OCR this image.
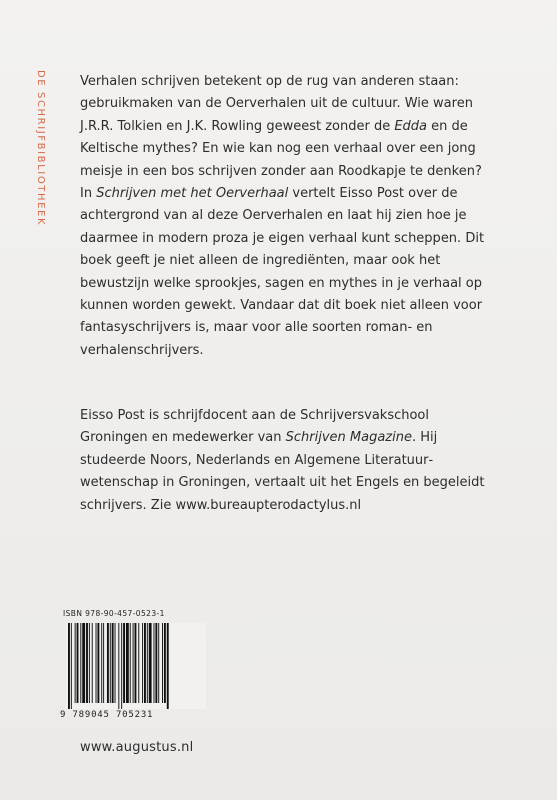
DE SCHRIJFBIBLIOTHEEK	Verhalen schrijven betekent op de rug van anderen staan: gebruikmaken van de Oerverhalen uit de cultuur. Wie waren J.R.R. Tolkien en J.K. Rowling geweest zonder de Edda en de Keltische mythes? En wie kan nog een verhaal over een jong meisje in een bos schrijven zonder aan Roodkapje te denken?

In Schrijven met het Oerverhaal vertelt Eisso Post over de achtergrond van al deze Oerverhalen en laat hij zien hoe je daarmee in modern proza je eigen verhaal kunt scheppen. Dit boek geeft je niet alleen de ingrediënten, maar ook het bewustzijn welke sprookjes, sagen en mythes in je verhaal op kunnen worden gewekt. Vandaar dat dit boek niet alleen voor fantasyschrijvers is, maar voor alle soorten roman- en verhalenschrijvers.

Eisso Post is schrijfdocent aan de Schrijversvakschool Groningen en medewerker van Schrijven Magazine. Hij studeerde Noors, Nederlands en Algemene Literatuurwetenschap in Groningen, vertaalt uit het Engels en begeleidt schrijvers. Zie www.bureaupterodactylus.nl

ISBN 978-90-457-0523-1
9 789045 705231
www.augustus.nl
